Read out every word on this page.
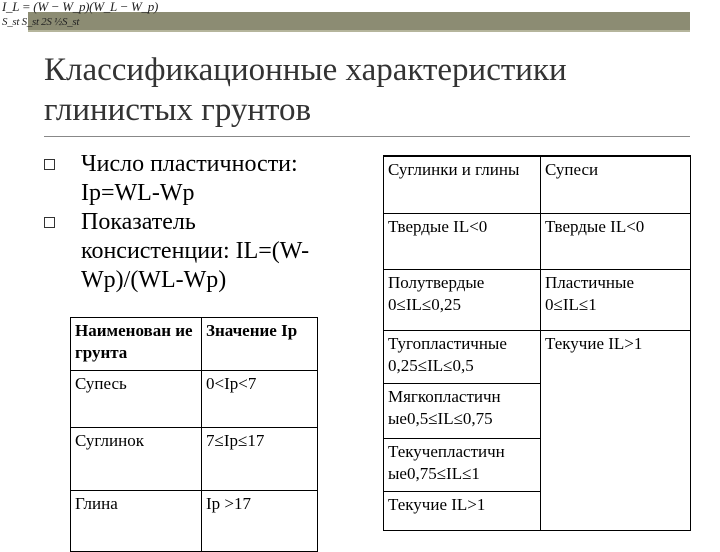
I_L = (W − W_p)(W_L − W_p)
S_st S_st 2S ½S_st
Классификационные характеристики глинистых грунтов
Число пластичности: Ip=WL-Wp
Показатель консистенции: IL=(W-Wp)/(WL-Wp)
Наименован ие грунта	Значение Ip
Супесь	0<Ip<7
Суглинок	7≤Ip≤17
Глина	Ip >17
Суглинки и глины	Супеси
Твердые IL<0	Твердые IL<0
Полутвердые 0≤IL≤0,25	Пластичные 0≤IL≤1
Тугопластичные 0,25≤IL≤0,5	Текучие IL>1
Мягкопластичн ые0,5≤IL≤0,75	
Текучепластичн ые0,75≤IL≤1	
Текучие IL>1	
